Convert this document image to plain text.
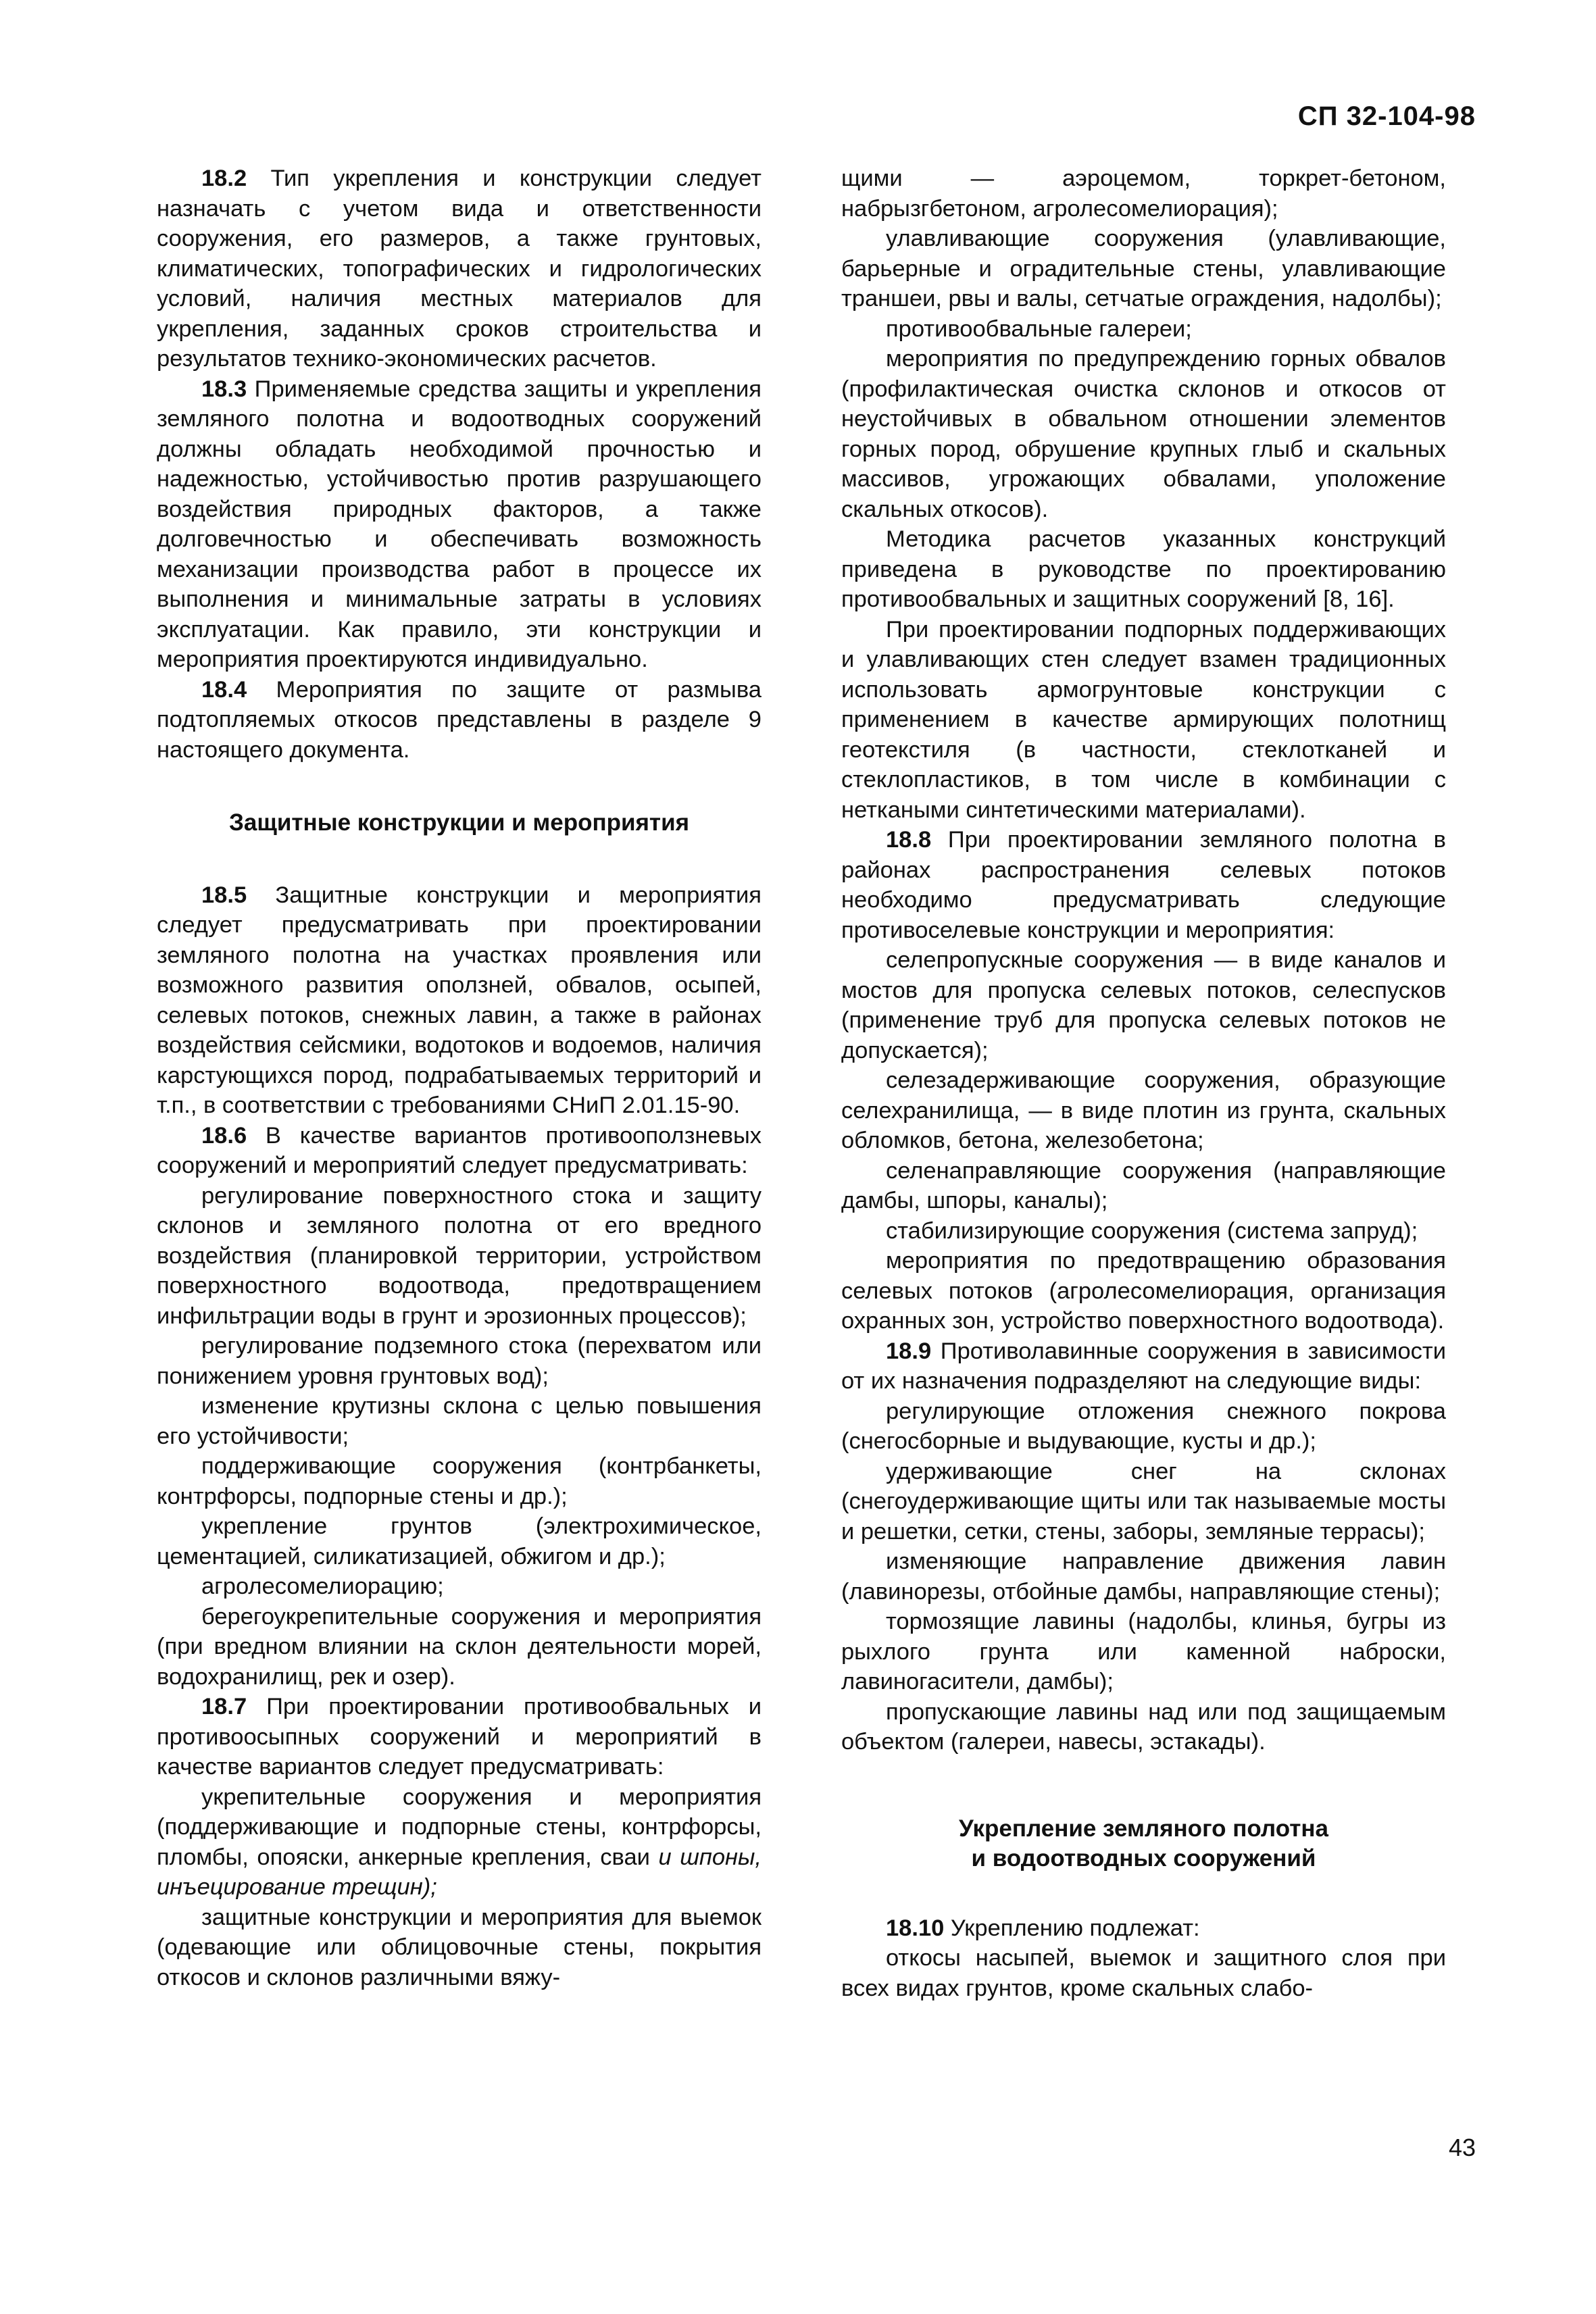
СП 32-104-98

18.2 Тип укрепления и конструкции следует назначать с учетом вида и ответственности сооружения, его размеров, а также грунтовых, климатических, топографических и гидрологических условий, наличия местных материалов для укрепления, заданных сроков строительства и результатов технико-экономических расчетов.

18.3 Применяемые средства защиты и укрепления земляного полотна и водоотводных сооружений должны обладать необходимой прочностью и надежностью, устойчивостью против разрушающего воздействия природных факторов, а также долговечностью и обеспечивать возможность механизации производства работ в процессе их выполнения и минимальные затраты в условиях эксплуатации. Как правило, эти конструкции и мероприятия проектируются индивидуально.

18.4 Мероприятия по защите от размыва подтопляемых откосов представлены в разделе 9 настоящего документа.

Защитные конструкции и мероприятия

18.5 Защитные конструкции и мероприятия следует предусматривать при проектировании земляного полотна на участках проявления или возможного развития оползней, обвалов, осыпей, селевых потоков, снежных лавин, а также в районах воздействия сейсмики, водотоков и водоемов, наличия карстующихся пород, подрабатываемых территорий и т.п., в соответствии с требованиями СНиП 2.01.15-90.

18.6 В качестве вариантов противооползневых сооружений и мероприятий следует предусматривать:

регулирование поверхностного стока и защиту склонов и земляного полотна от его вредного воздействия (планировкой территории, устройством поверхностного водоотвода, предотвращением инфильтрации воды в грунт и эрозионных процессов);

регулирование подземного стока (перехватом или понижением уровня грунтовых вод);

изменение крутизны склона с целью повышения его устойчивости;

поддерживающие сооружения (контрбанкеты, контрфорсы, подпорные стены и др.);

укрепление грунтов (электрохимическое, цементацией, силикатизацией, обжигом и др.);

агролесомелиорацию;

берегоукрепительные сооружения и мероприятия (при вредном влиянии на склон деятельности морей, водохранилищ, рек и озер).

18.7 При проектировании противообвальных и противоосыпных сооружений и мероприятий в качестве вариантов следует предусматривать:

укрепительные сооружения и мероприятия (поддерживающие и подпорные стены, контрфорсы, пломбы, опояски, анкерные крепления, сваи и шпоны, инъецирование трещин);

защитные конструкции и мероприятия для выемок (одевающие или облицовочные стены, покрытия откосов и склонов различными вяжу-

щими — аэроцемом, торкрет-бетоном, набрызгбетоном, агролесомелиорация);

улавливающие сооружения (улавливающие, барьерные и оградительные стены, улавливающие траншеи, рвы и валы, сетчатые ограждения, надолбы);

противообвальные галереи;

мероприятия по предупреждению горных обвалов (профилактическая очистка склонов и откосов от неустойчивых в обвальном отношении элементов горных пород, обрушение крупных глыб и скальных массивов, угрожающих обвалами, уположение скальных откосов).

Методика расчетов указанных конструкций приведена в руководстве по проектированию противообвальных и защитных сооружений [8, 16].

При проектировании подпорных поддерживающих и улавливающих стен следует взамен традиционных использовать армогрунтовые конструкции с применением в качестве армирующих полотнищ геотекстиля (в частности, стеклотканей и стеклопластиков, в том числе в комбинации с неткаными синтетическими материалами).

18.8 При проектировании земляного полотна в районах распространения селевых потоков необходимо предусматривать следующие противоселевые конструкции и мероприятия:

селепропускные сооружения — в виде каналов и мостов для пропуска селевых потоков, селеспусков (применение труб для пропуска селевых потоков не допускается);

селезадерживающие сооружения, образующие селехранилища, — в виде плотин из грунта, скальных обломков, бетона, железобетона;

селенаправляющие сооружения (направляющие дамбы, шпоры, каналы);

стабилизирующие сооружения (система запруд);

мероприятия по предотвращению образования селевых потоков (агролесомелиорация, организация охранных зон, устройство поверхностного водоотвода).

18.9 Противолавинные сооружения в зависимости от их назначения подразделяют на следующие виды:

регулирующие отложения снежного покрова (снегосборные и выдувающие, кусты и др.);

удерживающие снег на склонах (снегоудерживающие щиты или так называемые мосты и решетки, сетки, стены, заборы, земляные террасы);

изменяющие направление движения лавин (лавинорезы, отбойные дамбы, направляющие стены);

тормозящие лавины (надолбы, клинья, бугры из рыхлого грунта или каменной наброски, лавиногасители, дамбы);

пропускающие лавины над или под защищаемым объектом (галереи, навесы, эстакады).

Укрепление земляного полотна
и водоотводных сооружений

18.10 Укреплению подлежат:

откосы насыпей, выемок и защитного слоя при всех видах грунтов, кроме скальных слабо-

43
